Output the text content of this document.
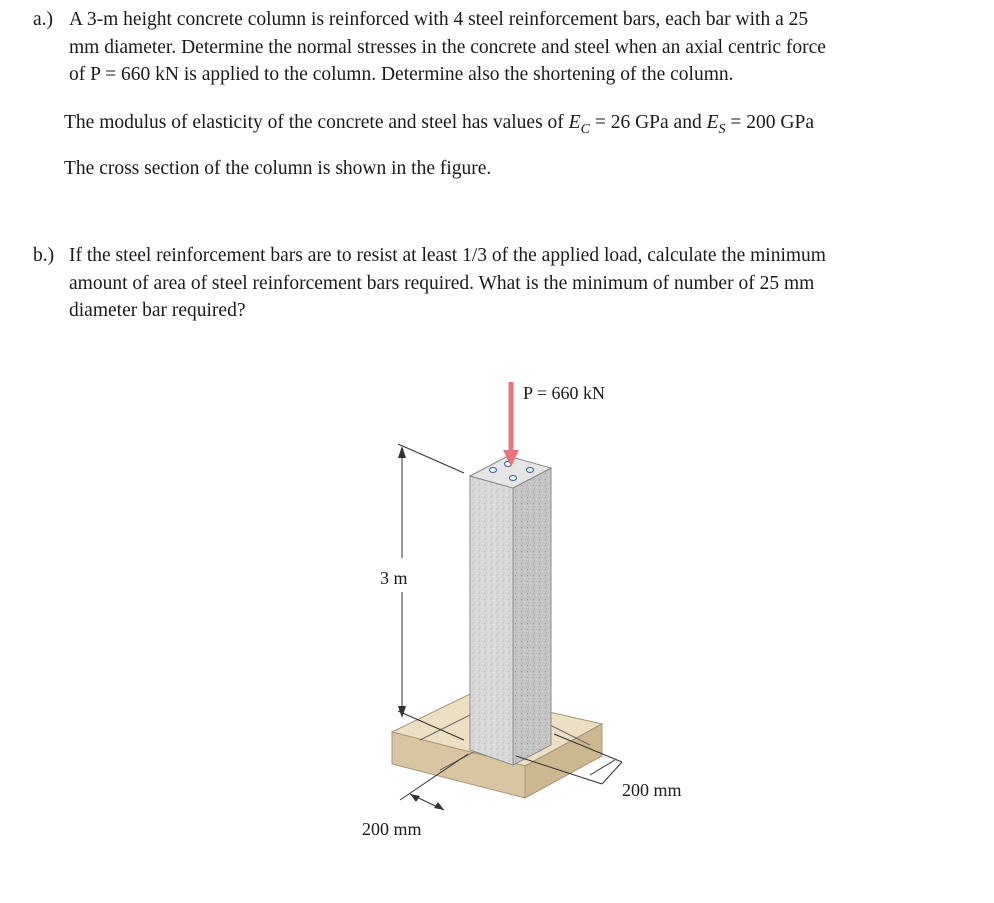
a.) A 3-m height concrete column is reinforced with 4 steel reinforcement bars, each bar with a 25
mm diameter. Determine the normal stresses in the concrete and steel when an axial centric force
of P = 660 kN is applied to the column. Determine also the shortening of the column.
The modulus of elasticity of the concrete and steel has values of $E_C = 26$ GPa and $E_S = 200$ GPa
The cross section of the column is shown in the figure.
b.) If the steel reinforcement bars are to resist at least 1/3 of the applied load, calculate the minimum
amount of area of steel reinforcement bars required. What is the minimum of number of 25 mm
diameter bar required?
P = 660 kN
3 m
200 mm
200 mm
